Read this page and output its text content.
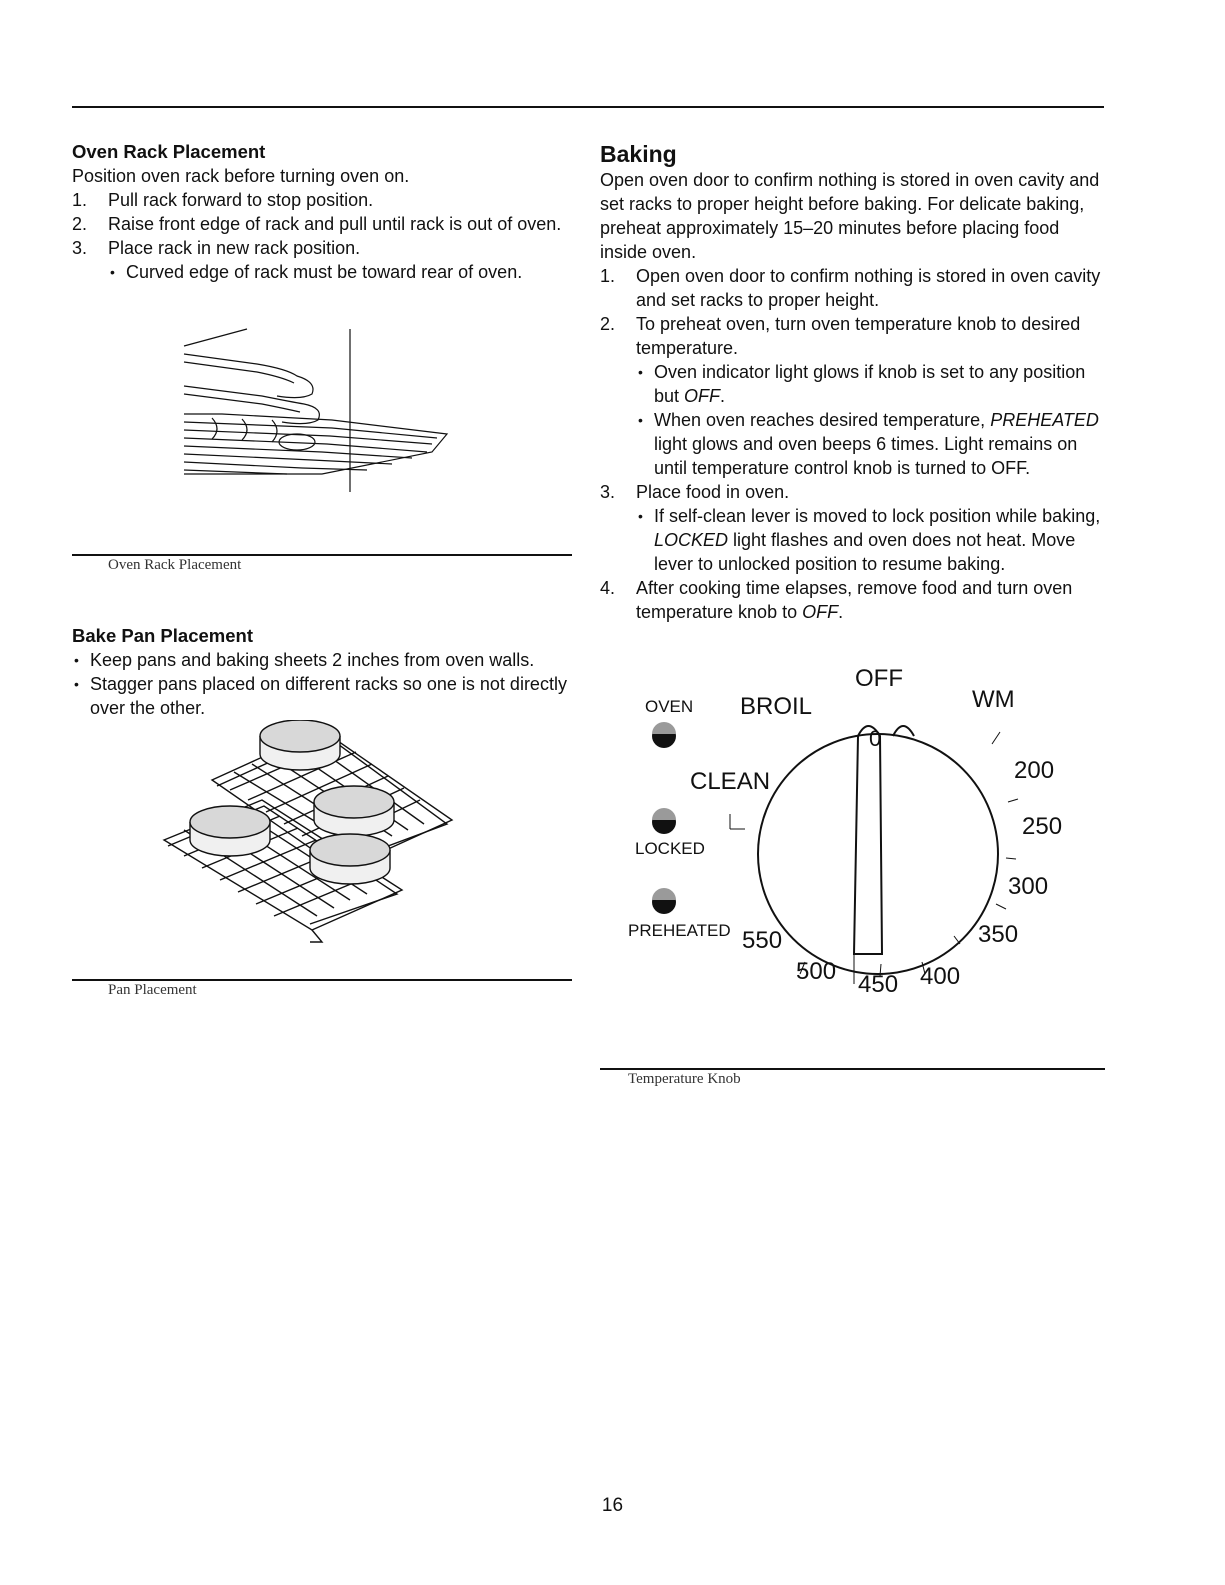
Oven Rack Placement

Position oven rack before turning oven on.

1. Pull rack forward to stop position.
2. Raise front edge of rack and pull until rack is out of oven.
3. Place rack in new rack position.
• Curved edge of rack must be toward rear of oven.
Oven Rack Placement
Bake Pan Placement
• Keep pans and baking sheets 2 inches from oven walls.
• Stagger pans placed on different racks so one is not directly over the other.
Pan Placement
Baking

Open oven door to confirm nothing is stored in oven cavity and set racks to proper height before baking. For delicate baking, preheat approximately 15–20 minutes before placing food inside oven.

1. Open oven door to confirm nothing is stored in oven cavity and set racks to proper height.
2. To preheat oven, turn oven temperature knob to desired temperature.
• Oven indicator light glows if knob is set to any position but OFF.
• When oven reaches desired temperature, PREHEATED light glows and oven beeps 6 times. Light remains on until temperature control knob is turned to OFF.
3. Place food in oven.
• If self-clean lever is moved to lock position while baking, LOCKED light flashes and oven does not heat. Move lever to unlocked position to resume baking.
4. After cooking time elapses, remove food and turn oven temperature knob to OFF.
OFF
OVEN BROIL	WM
CLEAN
LOCKED
PREHEATED
0
200
250
300
350
400
450
500
550
Temperature Knob
16
